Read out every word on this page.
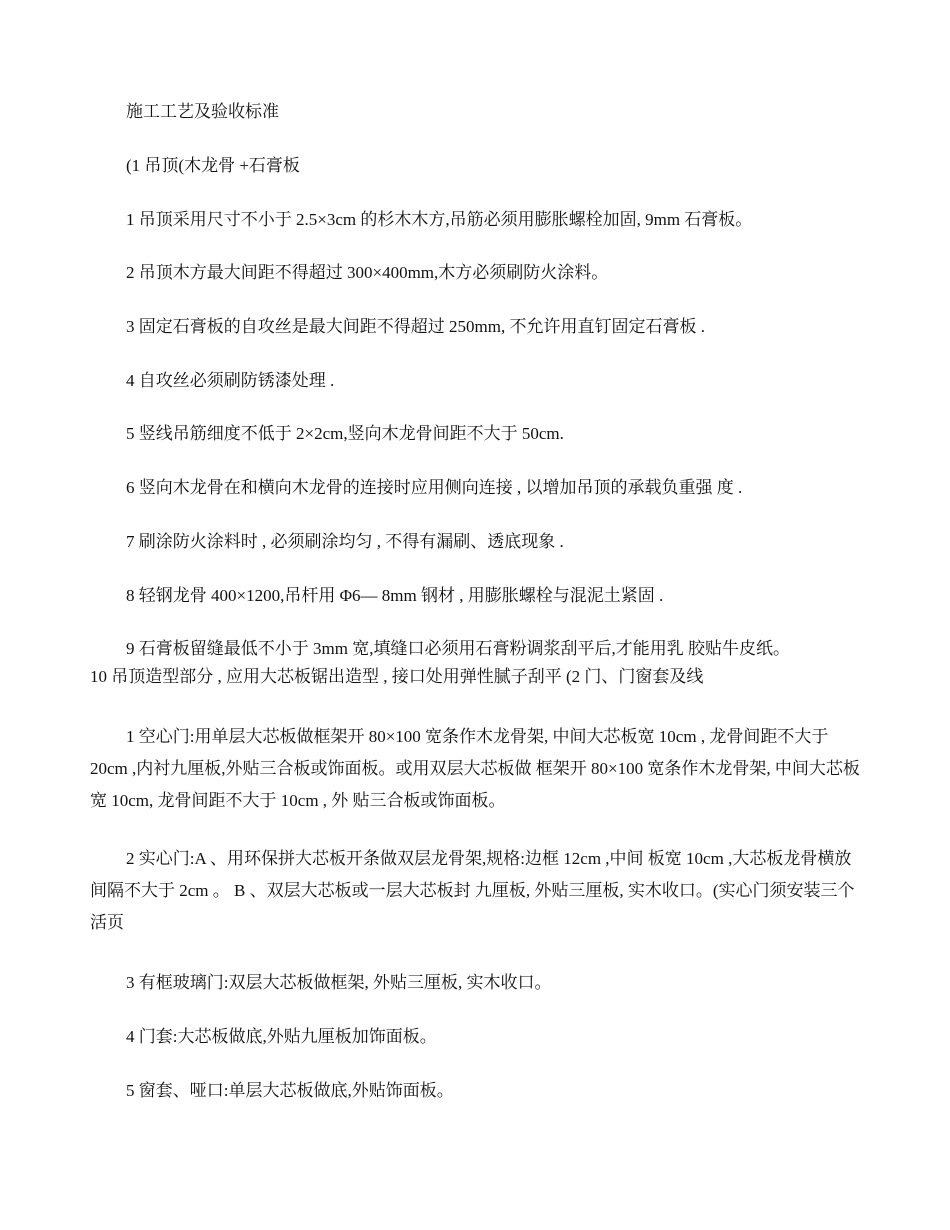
施工工艺及验收标准
(1 吊顶(木龙骨 +石膏板
1 吊顶采用尺寸不小于 2.5×3cm 的杉木木方,吊筋必须用膨胀螺栓加固, 9mm 石膏板。
2 吊顶木方最大间距不得超过 300×400mm,木方必须刷防火涂料。
3 固定石膏板的自攻丝是最大间距不得超过 250mm, 不允许用直钉固定石膏板 .
4 自攻丝必须刷防锈漆处理 .
5 竖线吊筋细度不低于 2×2cm,竖向木龙骨间距不大于 50cm.
6 竖向木龙骨在和横向木龙骨的连接时应用侧向连接 , 以增加吊顶的承载负重强 度 .
7 刷涂防火涂料时 , 必须刷涂均匀 , 不得有漏刷、透底现象 .
8 轻钢龙骨 400×1200,吊杆用 Φ6— 8mm 钢材 , 用膨胀螺栓与混泥土紧固 .
9 石膏板留缝最低不小于 3mm 宽,填缝口必须用石膏粉调浆刮平后,才能用乳 胶贴牛皮纸。
10 吊顶造型部分 , 应用大芯板锯出造型 , 接口处用弹性腻子刮平 (2 门、门窗套及线
1 空心门:用单层大芯板做框架开 80×100 宽条作木龙骨架, 中间大芯板宽 10cm , 龙骨间距不大于 20cm ,内衬九厘板,外贴三合板或饰面板。或用双层大芯板做 框架开 80×100 宽条作木龙骨架, 中间大芯板宽 10cm, 龙骨间距不大于 10cm , 外 贴三合板或饰面板。
2 实心门:A 、用环保拼大芯板开条做双层龙骨架,规格:边框 12cm ,中间 板宽 10cm ,大芯板龙骨横放间隔不大于 2cm 。 B 、双层大芯板或一层大芯板封 九厘板, 外贴三厘板, 实木收口。(实心门须安装三个活页
3 有框玻璃门:双层大芯板做框架, 外贴三厘板, 实木收口。
4 门套:大芯板做底,外贴九厘板加饰面板。
5 窗套、哑口:单层大芯板做底,外贴饰面板。
